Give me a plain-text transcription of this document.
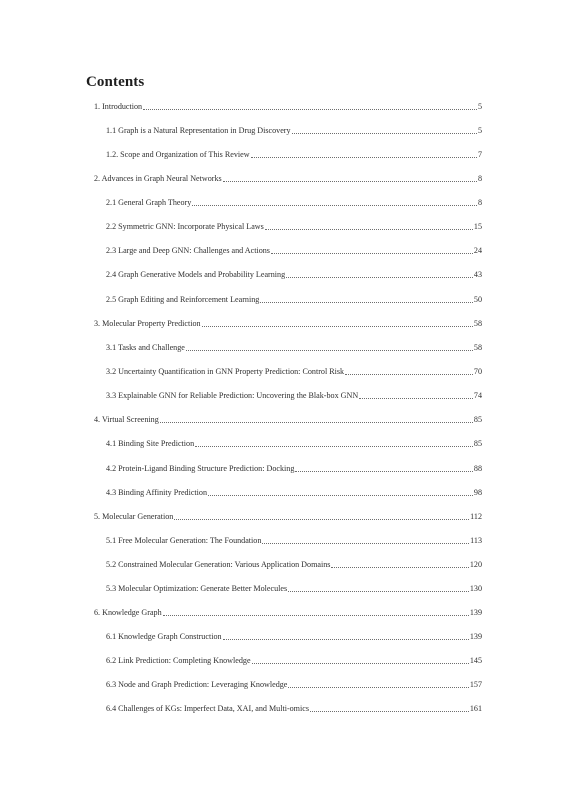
Contents
1. Introduction	5
1.1 Graph is a Natural Representation in Drug Discovery	5
1.2. Scope and Organization of This Review	7
2. Advances in Graph Neural Networks	8
2.1 General Graph Theory	8
2.2 Symmetric GNN: Incorporate Physical Laws	15
2.3 Large and Deep GNN: Challenges and Actions	24
2.4 Graph Generative Models and Probability Learning	43
2.5 Graph Editing and Reinforcement Learning	50
3. Molecular Property Prediction	58
3.1 Tasks and Challenge	58
3.2 Uncertainty Quantification in GNN Property Prediction: Control Risk	70
3.3 Explainable GNN for Reliable Prediction: Uncovering the Blak-box GNN	74
4. Virtual Screening	85
4.1 Binding Site Prediction	85
4.2 Protein-Ligand Binding Structure Prediction: Docking	88
4.3 Binding Affinity Prediction	98
5. Molecular Generation	112
5.1 Free Molecular Generation: The Foundation	113
5.2 Constrained Molecular Generation: Various Application Domains	120
5.3 Molecular Optimization: Generate Better Molecules	130
6. Knowledge Graph	139
6.1 Knowledge Graph Construction	139
6.2 Link Prediction: Completing Knowledge	145
6.3 Node and Graph Prediction: Leveraging Knowledge	157
6.4 Challenges of KGs: Imperfect Data, XAI, and Multi-omics	161
